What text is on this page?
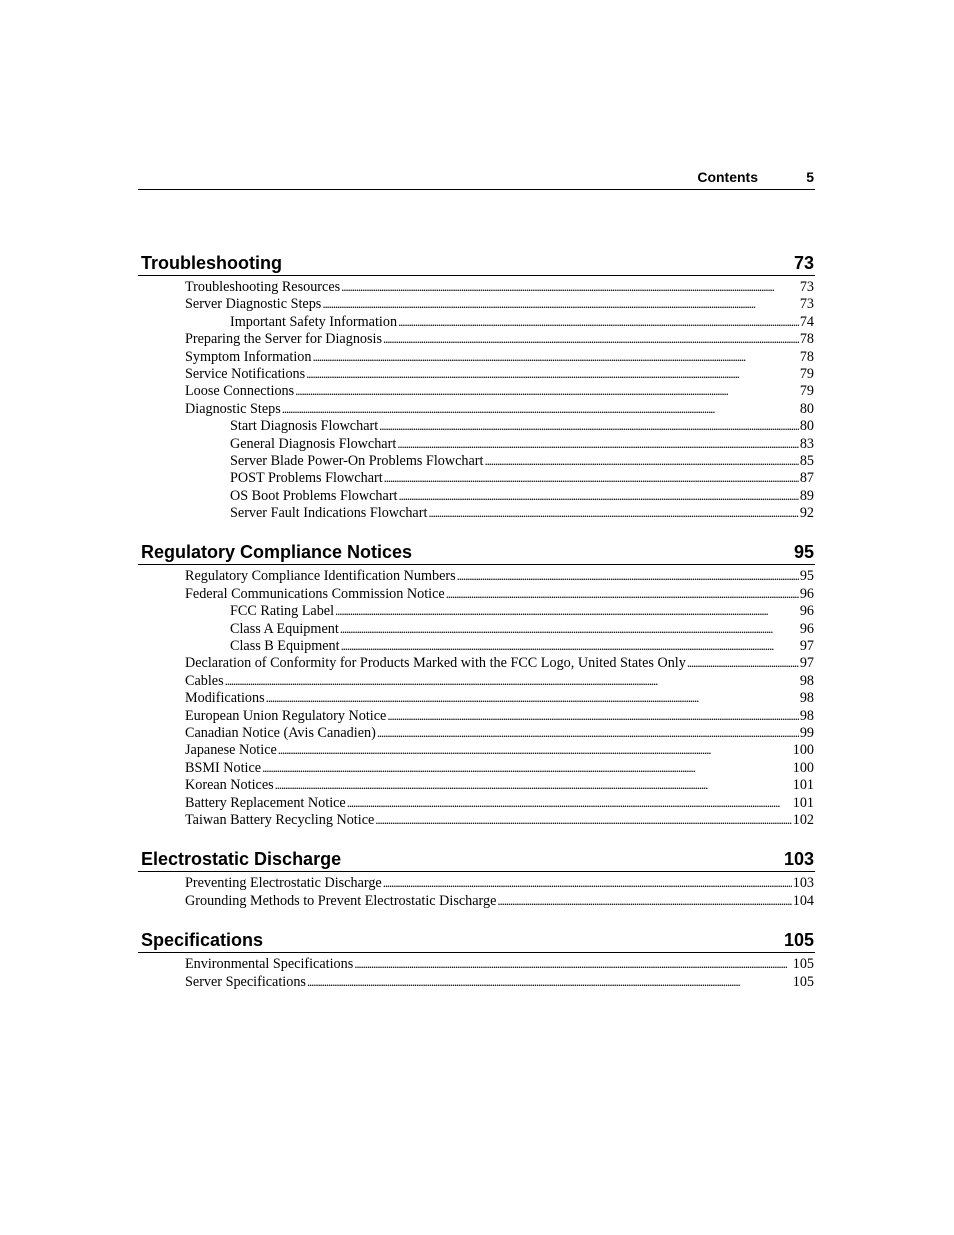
Contents	5
Troubleshooting	73
Troubleshooting Resources . . .	73
Server Diagnostic Steps . . .	73
Important Safety Information . . .	74
Preparing the Server for Diagnosis . . .	78
Symptom Information . . .	78
Service Notifications . . .	79
Loose Connections . . .	79
Diagnostic Steps . . .	80
Start Diagnosis Flowchart . . .	80
General Diagnosis Flowchart . . .	83
Server Blade Power-On Problems Flowchart . . .	85
POST Problems Flowchart . . .	87
OS Boot Problems Flowchart . . .	89
Server Fault Indications Flowchart . . .	92
Regulatory Compliance Notices	95
Regulatory Compliance Identification Numbers . . .	95
Federal Communications Commission Notice . . .	96
FCC Rating Label . . .	96
Class A Equipment . . .	96
Class B Equipment . . .	97
Declaration of Conformity for Products Marked with the FCC Logo, United States Only . . .	97
Cables . . .	98
Modifications . . .	98
European Union Regulatory Notice . . .	98
Canadian Notice (Avis Canadien) . . .	99
Japanese Notice . . .	100
BSMI Notice . . .	100
Korean Notices . . .	101
Battery Replacement Notice . . .	101
Taiwan Battery Recycling Notice . . .	102
Electrostatic Discharge	103
Preventing Electrostatic Discharge . . .	103
Grounding Methods to Prevent Electrostatic Discharge . . .	104
Specifications	105
Environmental Specifications . . .	105
Server Specifications . . .	105
